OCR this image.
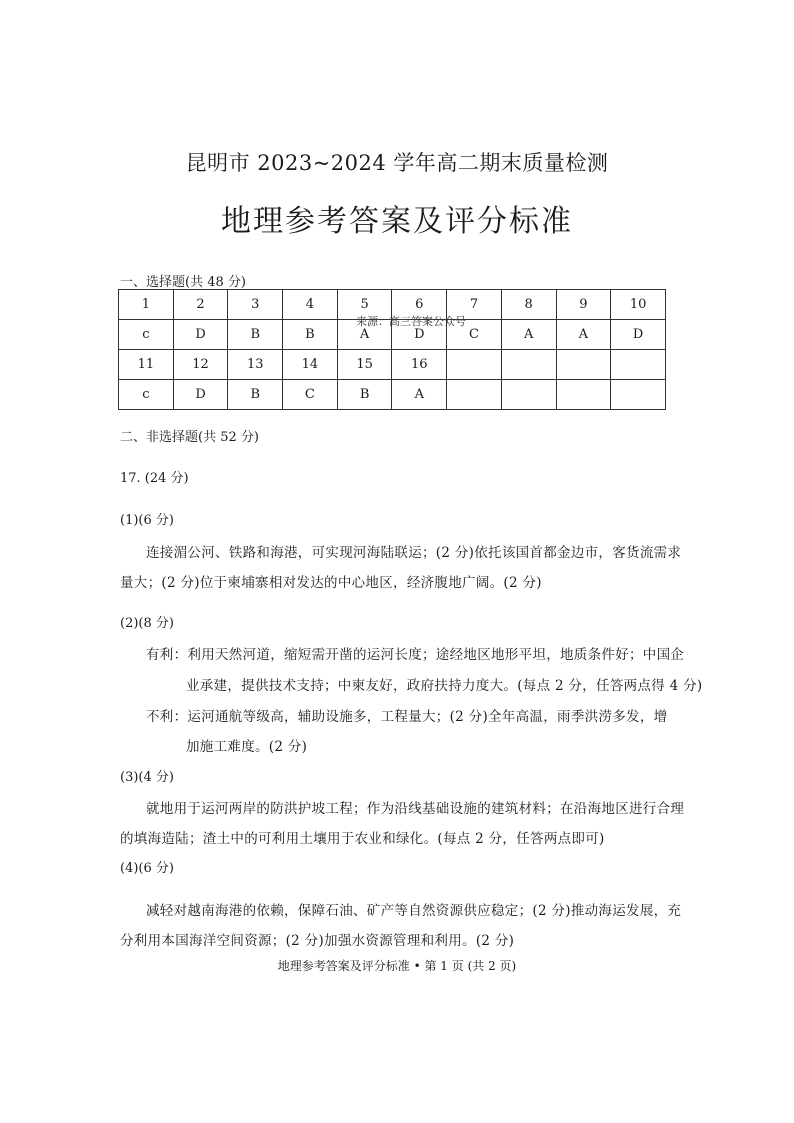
昆明市 2023~2024 学年高二期末质量检测
地理参考答案及评分标准
一、选择题(共 48 分)
1	2	3	4	5	6	7	8	9	10
c	D	B	B	A	D	C	A	A	D
11	12	13	14	15	16				
c	D	B	C	B	A				
来源：高三答案公众号
二、非选择题(共 52 分)
17. (24 分)
(1)(6 分)
连接湄公河、铁路和海港，可实现河海陆联运；(2 分)依托该国首都金边市，客货流需求
量大；(2 分)位于柬埔寨相对发达的中心地区，经济腹地广阔。(2 分)
(2)(8 分)
有利：利用天然河道，缩短需开凿的运河长度；途经地区地形平坦，地质条件好；中国企
业承建，提供技术支持；中柬友好，政府扶持力度大。(每点 2 分，任答两点得 4 分)
不利：运河通航等级高，辅助设施多，工程量大；(2 分)全年高温，雨季洪涝多发，增
加施工难度。(2 分)
(3)(4 分)
就地用于运河两岸的防洪护坡工程；作为沿线基础设施的建筑材料；在沿海地区进行合理
的填海造陆；渣土中的可利用土壤用于农业和绿化。(每点 2 分，任答两点即可)
(4)(6 分)
减轻对越南海港的依赖，保障石油、矿产等自然资源供应稳定；(2 分)推动海运发展，充
分利用本国海洋空间资源；(2 分)加强水资源管理和利用。(2 分)
地理参考答案及评分标准 • 第 1 页 (共 2 页)
